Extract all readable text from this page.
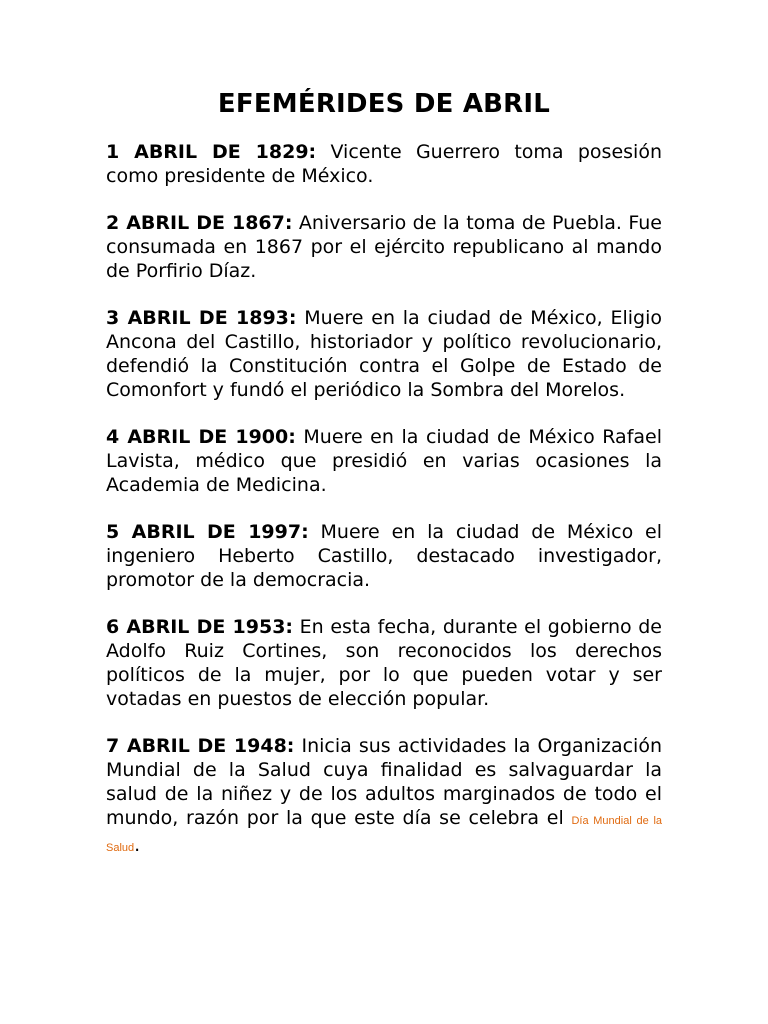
EFEMÉRIDES DE ABRIL

1 ABRIL DE 1829: Vicente Guerrero toma posesión como presidente de México.

2 ABRIL DE 1867: Aniversario de la toma de Puebla. Fue consumada en 1867 por el ejército republicano al mando de Porfirio Díaz.

3 ABRIL DE 1893: Muere en la ciudad de México, Eligio Ancona del Castillo, historiador y político revolucionario, defendió la Constitución contra el Golpe de Estado de Comonfort y fundó el periódico la Sombra del Morelos.

4 ABRIL DE 1900: Muere en la ciudad de México Rafael Lavista, médico que presidió en varias ocasiones la Academia de Medicina.

5 ABRIL DE 1997: Muere en la ciudad de México el ingeniero Heberto Castillo, destacado investigador, promotor de la democracia.

6 ABRIL DE 1953: En esta fecha, durante el gobierno de Adolfo Ruiz Cortines, son reconocidos los derechos políticos de la mujer, por lo que pueden votar y ser votadas en puestos de elección popular.

7 ABRIL DE 1948: Inicia sus actividades la Organización Mundial de la Salud cuya finalidad es salvaguardar la salud de la niñez y de los adultos marginados de todo el mundo, razón por la que este día se celebra el Día Mundial de la Salud.
